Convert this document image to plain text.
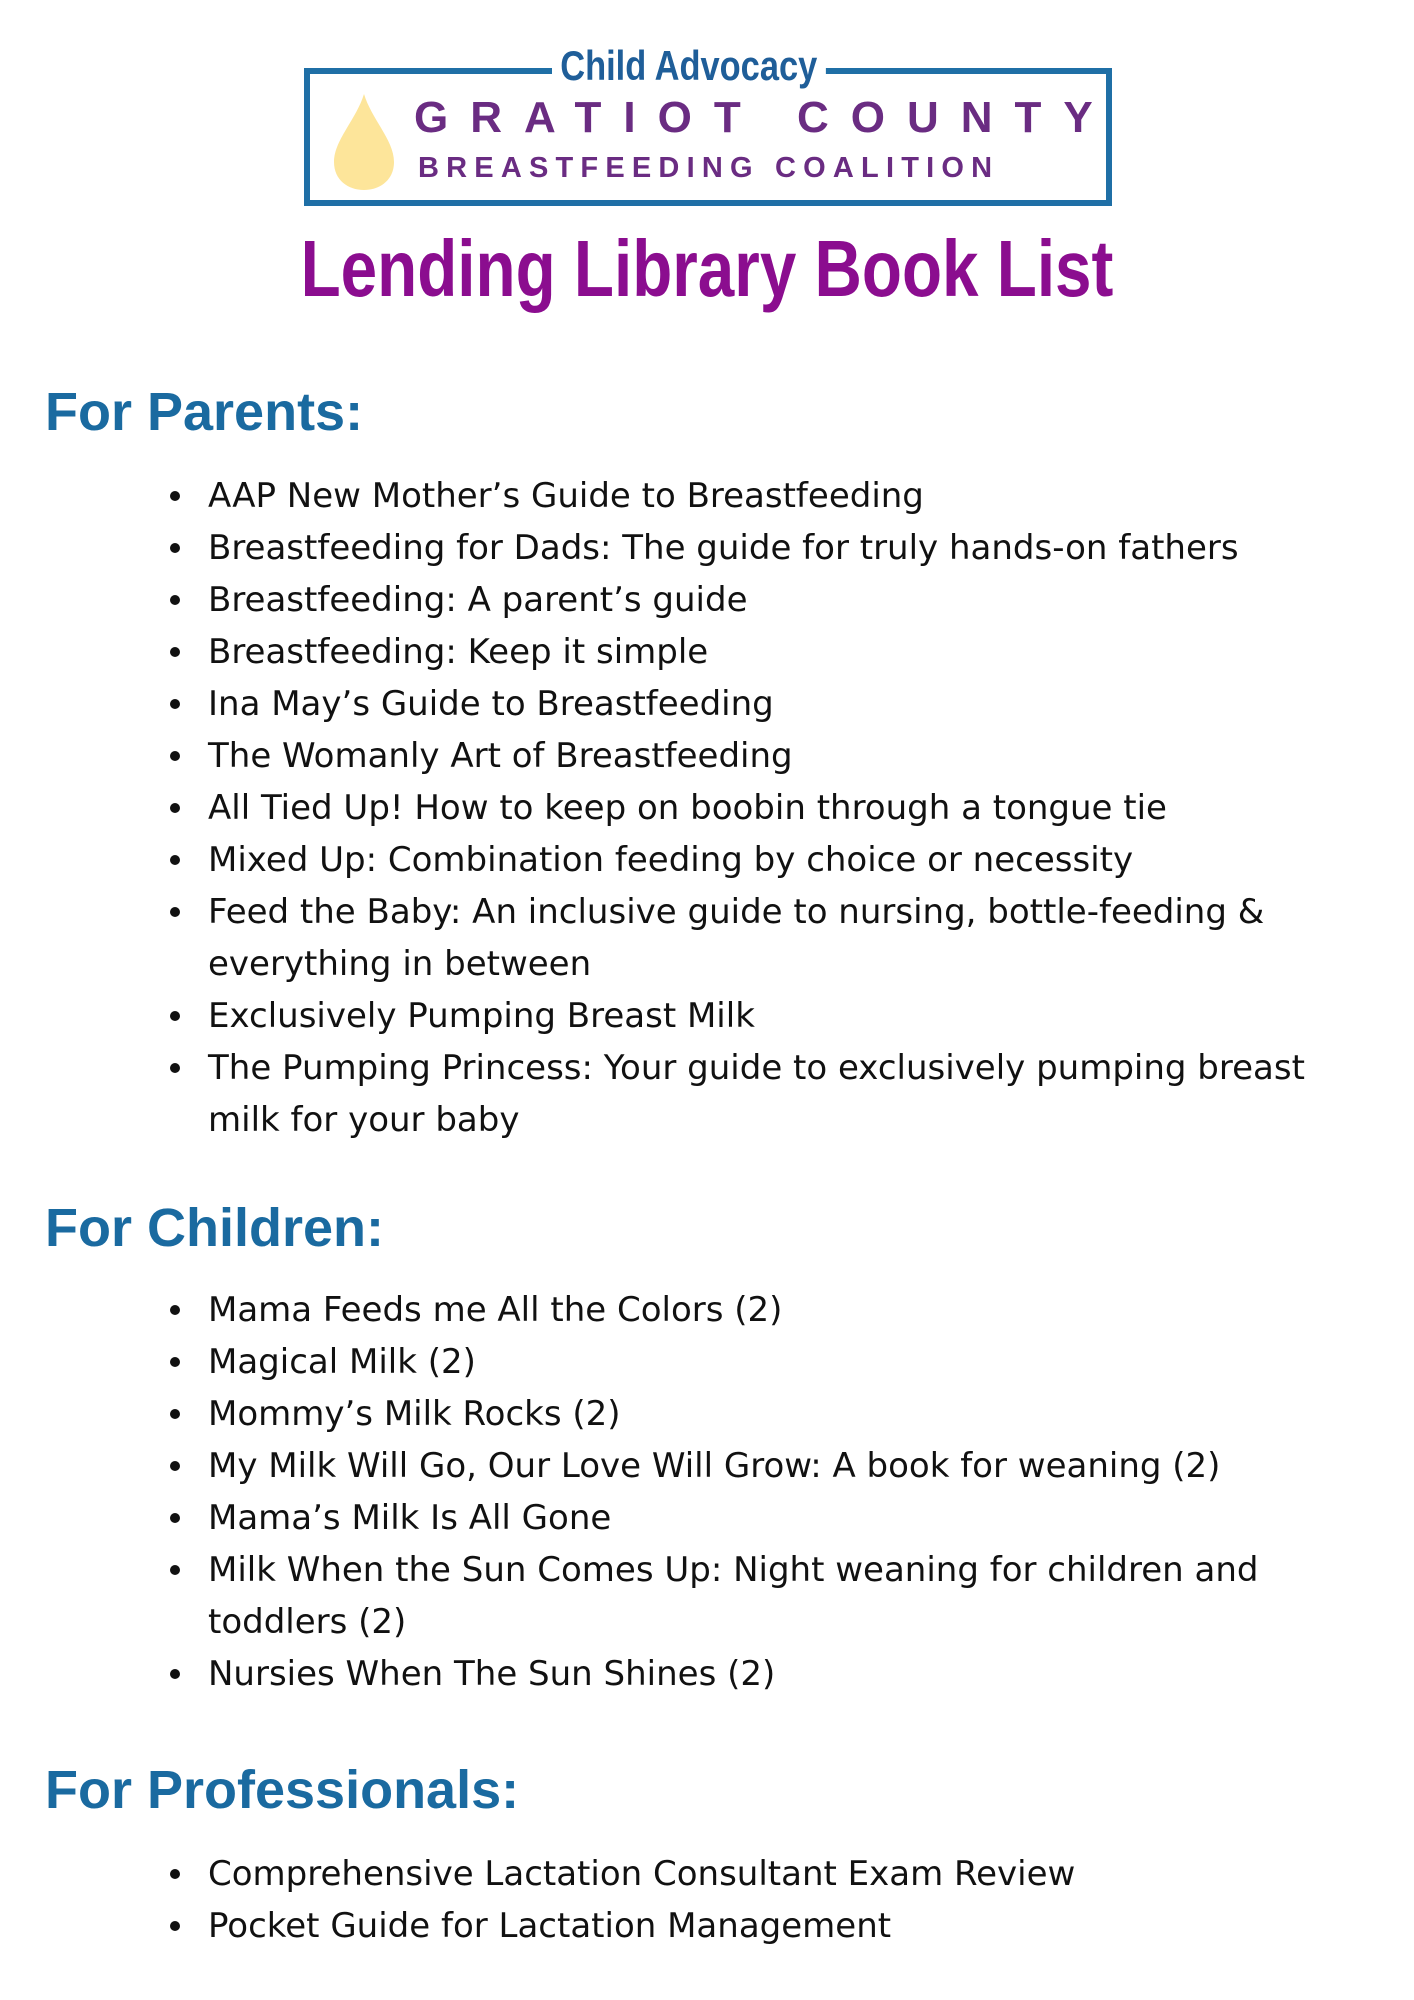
Child Advocacy
GRATIOT COUNTY
BREASTFEEDING COALITION
Lending Library Book List
For Parents:
AAP New Mother’s Guide to Breastfeeding
Breastfeeding for Dads: The guide for truly hands-on fathers
Breastfeeding: A parent’s guide
Breastfeeding: Keep it simple
Ina May’s Guide to Breastfeeding
The Womanly Art of Breastfeeding
All Tied Up! How to keep on boobin through a tongue tie
Mixed Up: Combination feeding by choice or necessity
Feed the Baby: An inclusive guide to nursing, bottle-feeding & everything in between
Exclusively Pumping Breast Milk
The Pumping Princess: Your guide to exclusively pumping breast milk for your baby
For Children:
Mama Feeds me All the Colors (2)
Magical Milk (2)
Mommy’s Milk Rocks (2)
My Milk Will Go, Our Love Will Grow: A book for weaning (2)
Mama’s Milk Is All Gone
Milk When the Sun Comes Up: Night weaning for children and toddlers (2)
Nursies When The Sun Shines (2)
For Professionals:
Comprehensive Lactation Consultant Exam Review
Pocket Guide for Lactation Management
